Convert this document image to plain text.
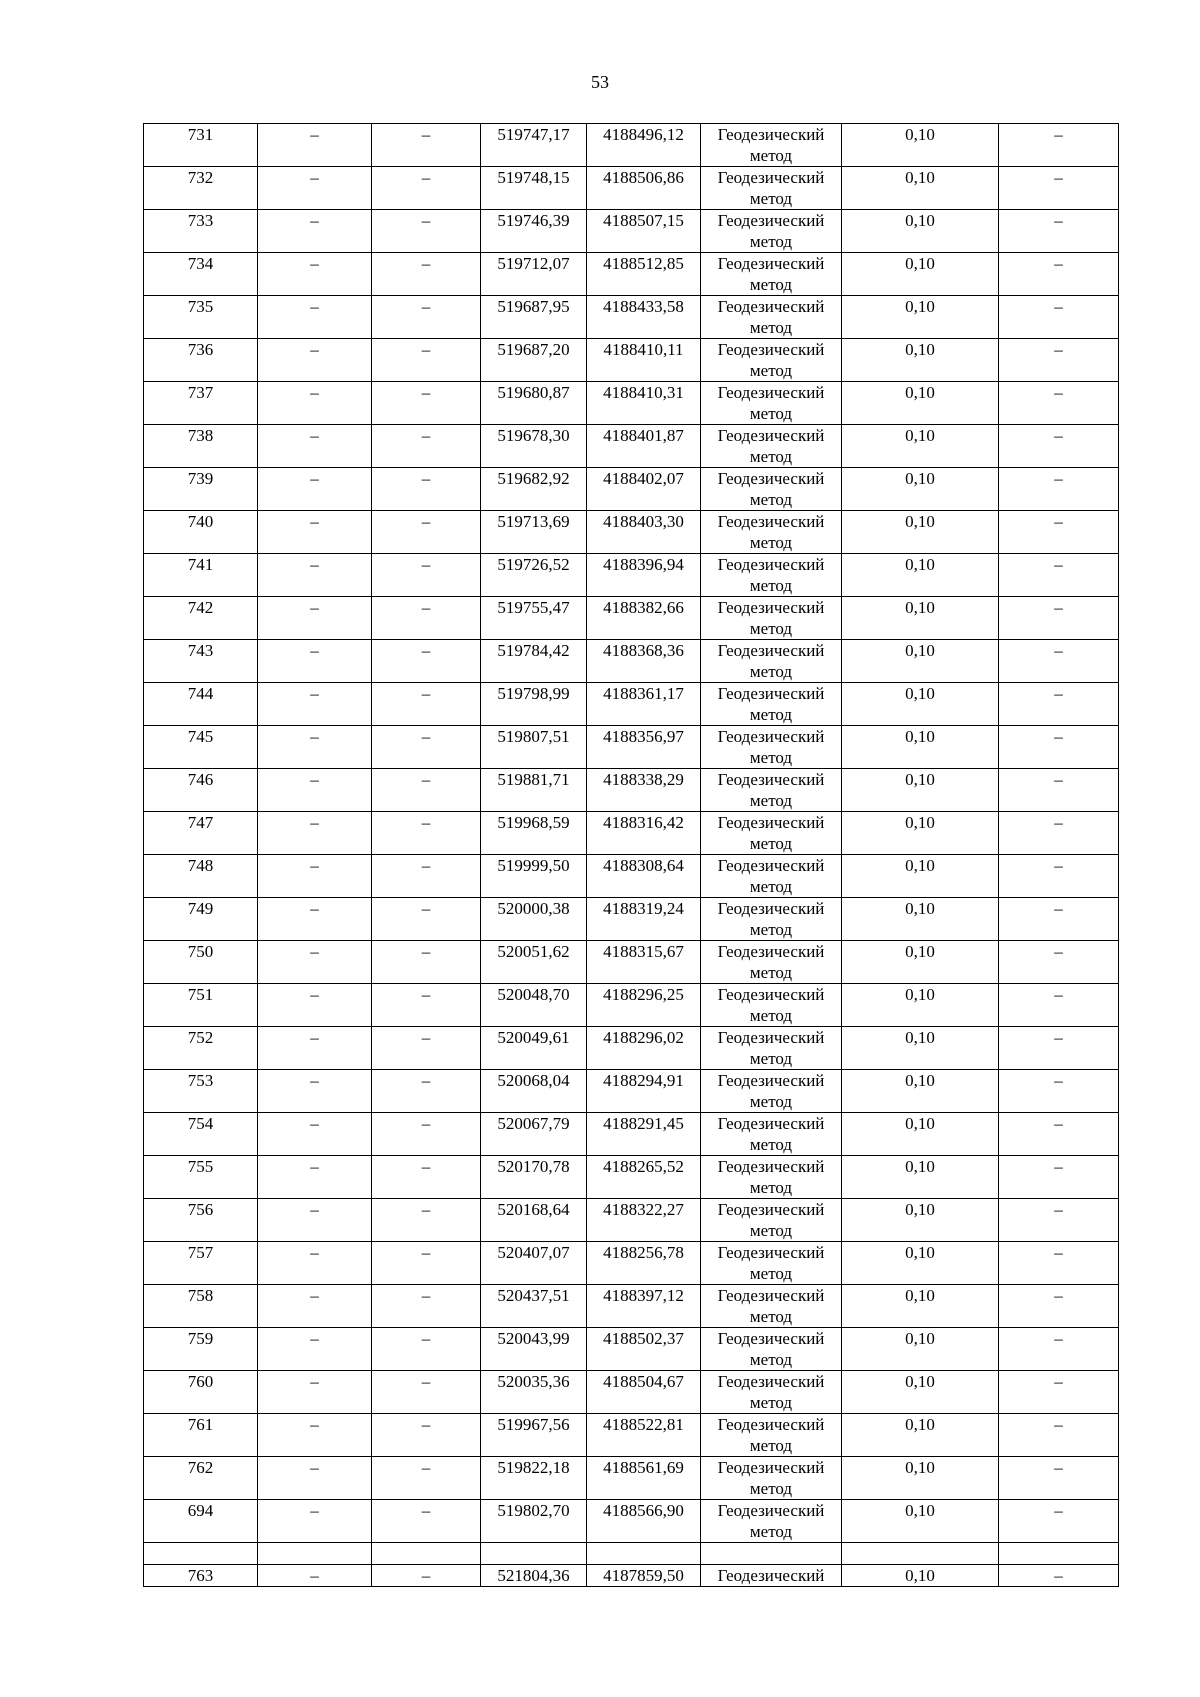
53
731	–	–	519747,17	4188496,12	Геодезический метод	0,10	–
732	–	–	519748,15	4188506,86	Геодезический метод	0,10	–
733	–	–	519746,39	4188507,15	Геодезический метод	0,10	–
734	–	–	519712,07	4188512,85	Геодезический метод	0,10	–
735	–	–	519687,95	4188433,58	Геодезический метод	0,10	–
736	–	–	519687,20	4188410,11	Геодезический метод	0,10	–
737	–	–	519680,87	4188410,31	Геодезический метод	0,10	–
738	–	–	519678,30	4188401,87	Геодезический метод	0,10	–
739	–	–	519682,92	4188402,07	Геодезический метод	0,10	–
740	–	–	519713,69	4188403,30	Геодезический метод	0,10	–
741	–	–	519726,52	4188396,94	Геодезический метод	0,10	–
742	–	–	519755,47	4188382,66	Геодезический метод	0,10	–
743	–	–	519784,42	4188368,36	Геодезический метод	0,10	–
744	–	–	519798,99	4188361,17	Геодезический метод	0,10	–
745	–	–	519807,51	4188356,97	Геодезический метод	0,10	–
746	–	–	519881,71	4188338,29	Геодезический метод	0,10	–
747	–	–	519968,59	4188316,42	Геодезический метод	0,10	–
748	–	–	519999,50	4188308,64	Геодезический метод	0,10	–
749	–	–	520000,38	4188319,24	Геодезический метод	0,10	–
750	–	–	520051,62	4188315,67	Геодезический метод	0,10	–
751	–	–	520048,70	4188296,25	Геодезический метод	0,10	–
752	–	–	520049,61	4188296,02	Геодезический метод	0,10	–
753	–	–	520068,04	4188294,91	Геодезический метод	0,10	–
754	–	–	520067,79	4188291,45	Геодезический метод	0,10	–
755	–	–	520170,78	4188265,52	Геодезический метод	0,10	–
756	–	–	520168,64	4188322,27	Геодезический метод	0,10	–
757	–	–	520407,07	4188256,78	Геодезический метод	0,10	–
758	–	–	520437,51	4188397,12	Геодезический метод	0,10	–
759	–	–	520043,99	4188502,37	Геодезический метод	0,10	–
760	–	–	520035,36	4188504,67	Геодезический метод	0,10	–
761	–	–	519967,56	4188522,81	Геодезический метод	0,10	–
762	–	–	519822,18	4188561,69	Геодезический метод	0,10	–
694	–	–	519802,70	4188566,90	Геодезический метод	0,10	–

763	–	–	521804,36	4187859,50	Геодезический	0,10	–
